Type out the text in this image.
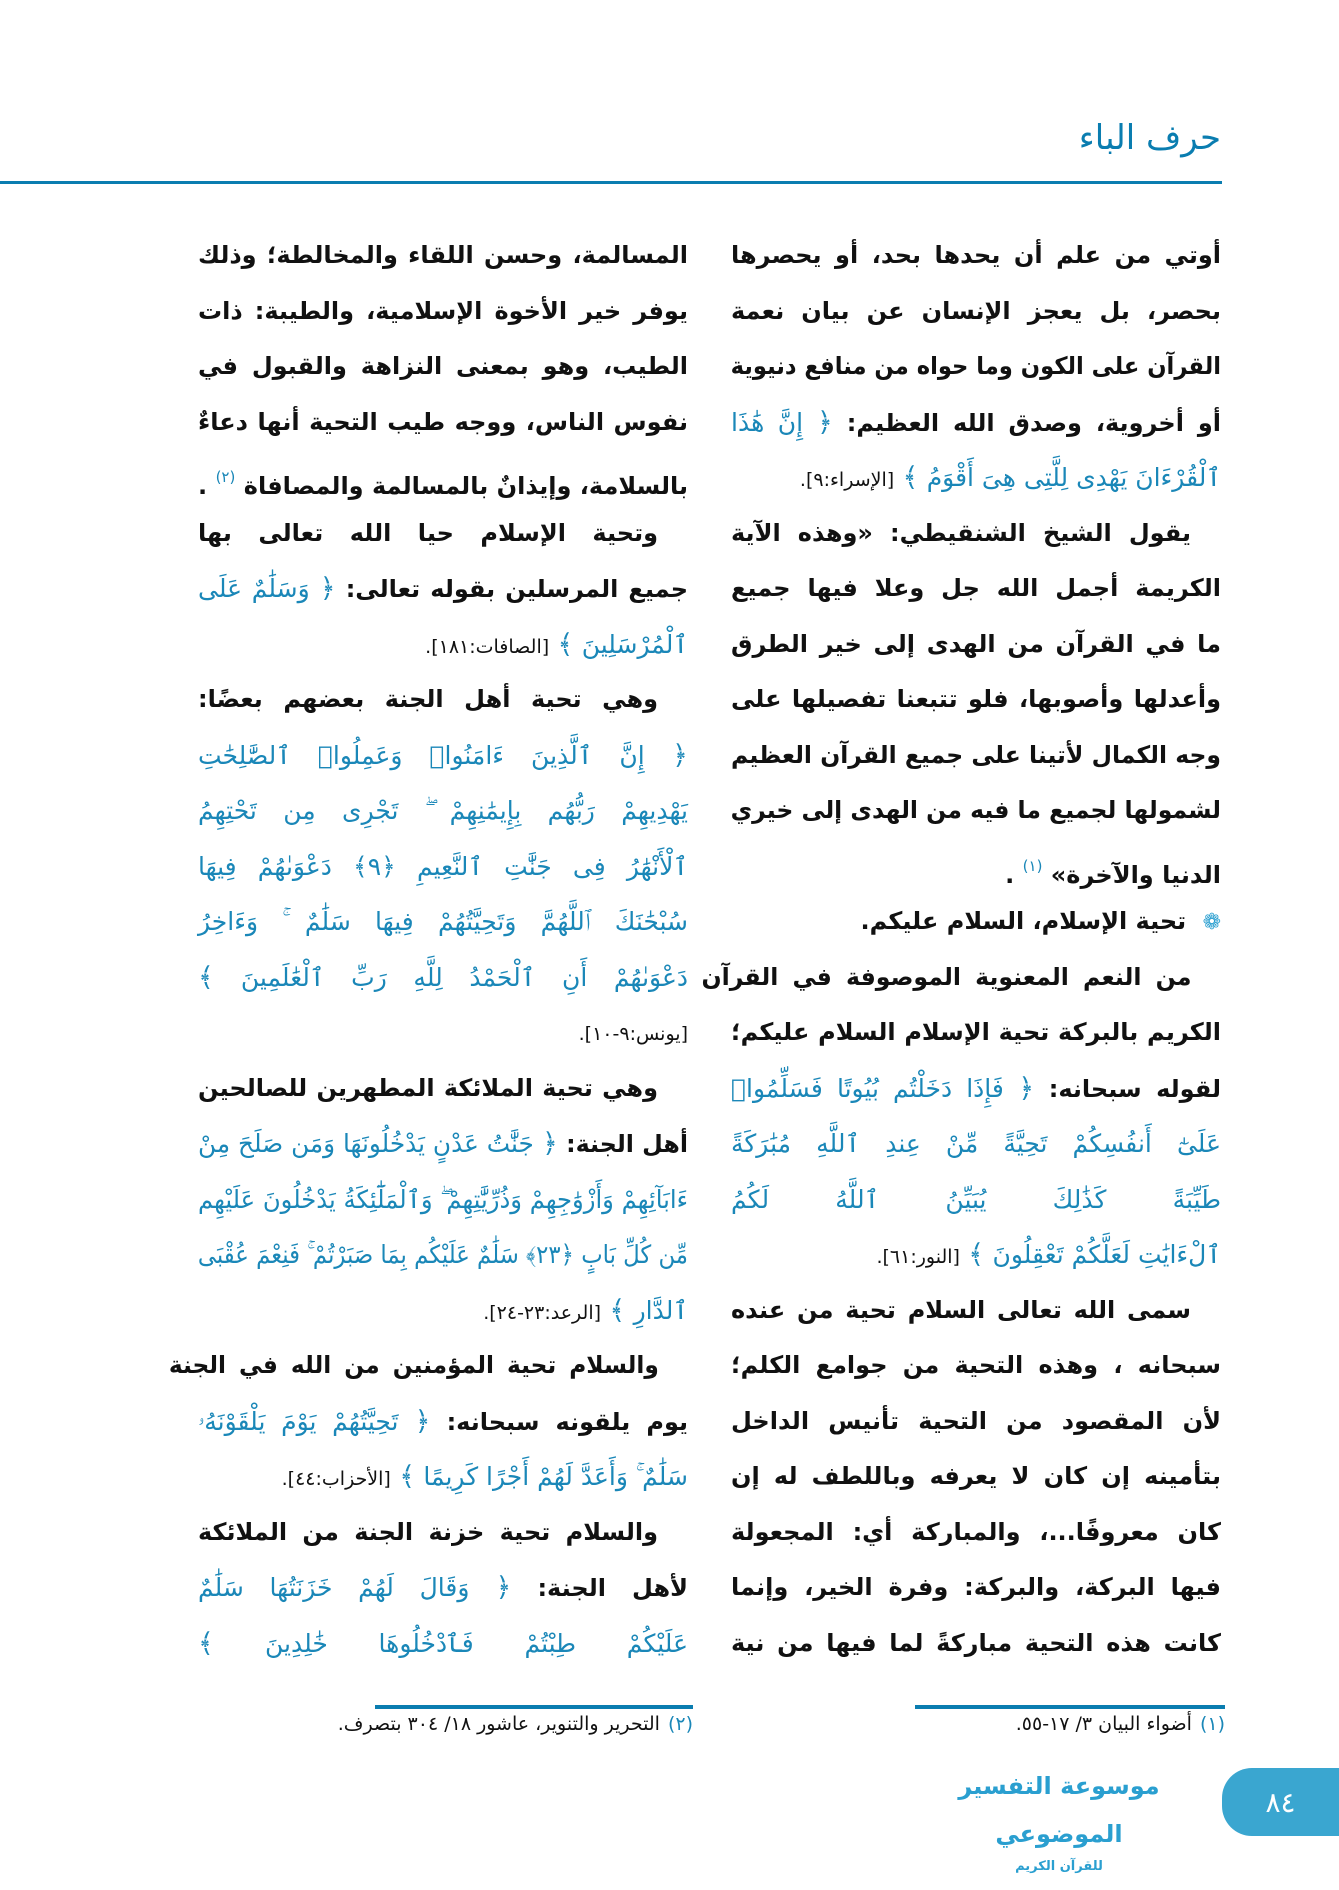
حرف الباء
أوتي من علم أن يحدها بحد، أو يحصرها
بحصر، بل يعجز الإنسان عن بيان نعمة
القرآن على الكون وما حواه من منافع دنيوية
أو أخروية، وصدق الله العظيم: ﴿ إِنَّ هَٰذَا
ٱلْقُرْءَانَ يَهْدِى لِلَّتِى هِىَ أَقْوَمُ ﴾ [الإسراء:٩].
يقول الشيخ الشنقيطي: «وهذه الآية
الكريمة أجمل الله جل وعلا فيها جميع
ما في القرآن من الهدى إلى خير الطرق
وأعدلها وأصوبها، فلو تتبعنا تفصيلها على
وجه الكمال لأتينا على جميع القرآن العظيم
لشمولها لجميع ما فيه من الهدى إلى خيري
الدنيا والآخرة» $^{(١)}$ .
❁ تحية الإسلام، السلام عليكم.
من النعم المعنوية الموصوفة في القرآن
الكريم بالبركة تحية الإسلام السلام عليكم؛
لقوله سبحانه: ﴿ فَإِذَا دَخَلْتُم بُيُوتًا فَسَلِّمُوا۟
عَلَىٰٓ أَنفُسِكُمْ تَحِيَّةً مِّنْ عِندِ ٱللَّهِ مُبَٰرَكَةً
طَيِّبَةً كَذَٰلِكَ يُبَيِّنُ ٱللَّهُ لَكُمُ
ٱلْءَايَٰتِ لَعَلَّكُمْ تَعْقِلُونَ ﴾ [النور:٦١].
سمى الله تعالى السلام تحية من عنده
سبحانه ، وهذه التحية من جوامع الكلم؛
لأن المقصود من التحية تأنيس الداخل
بتأمينه إن كان لا يعرفه وباللطف له إن
كان معروفًا...، والمباركة أي: المجعولة
فيها البركة، والبركة: وفرة الخير، وإنما
كانت هذه التحية مباركةً لما فيها من نية
المسالمة، وحسن اللقاء والمخالطة؛ وذلك
يوفر خير الأخوة الإسلامية، والطيبة: ذات
الطيب، وهو بمعنى النزاهة والقبول في
نفوس الناس، ووجه طيب التحية أنها دعاءٌ
بالسلامة، وإيذانٌ بالمسالمة والمصافاة $^{(٢)}$ .
وتحية الإسلام حيا الله تعالى بها
جميع المرسلين بقوله تعالى: ﴿ وَسَلَٰمٌ عَلَى
ٱلْمُرْسَلِينَ ﴾ [الصافات:١٨١].
وهي تحية أهل الجنة بعضهم بعضًا:
﴿ إِنَّ ٱلَّذِينَ ءَامَنُوا۟ وَعَمِلُوا۟ ٱلصَّٰلِحَٰتِ
يَهْدِيهِمْ رَبُّهُم بِإِيمَٰنِهِمْ ۖ تَجْرِى مِن تَحْتِهِمُ
ٱلْأَنْهَٰرُ فِى جَنَّٰتِ ٱلنَّعِيمِ ﴿٩﴾ دَعْوَىٰهُمْ فِيهَا
سُبْحَٰنَكَ ٱللَّهُمَّ وَتَحِيَّتُهُمْ فِيهَا سَلَٰمٌ ۚ وَءَاخِرُ
دَعْوَىٰهُمْ أَنِ ٱلْحَمْدُ لِلَّهِ رَبِّ ٱلْعَٰلَمِينَ ﴾
[يونس:٩-١٠].
وهي تحية الملائكة المطهرين للصالحين
أهل الجنة: ﴿ جَنَّٰتُ عَدْنٍ يَدْخُلُونَهَا وَمَن صَلَحَ مِنْ
ءَابَآئِهِمْ وَأَزْوَٰجِهِمْ وَذُرِّيَّٰتِهِمْ ۖ وَٱلْمَلَٰٓئِكَةُ يَدْخُلُونَ عَلَيْهِم
مِّن كُلِّ بَابٍ ﴿٢٣﴾ سَلَٰمٌ عَلَيْكُم بِمَا صَبَرْتُمْ ۚ فَنِعْمَ عُقْبَى
ٱلدَّارِ ﴾ [الرعد:٢٣-٢٤].
والسلام تحية المؤمنين من الله في الجنة
يوم يلقونه سبحانه: ﴿ تَحِيَّتُهُمْ يَوْمَ يَلْقَوْنَهُۥ
سَلَٰمٌ ۚ وَأَعَدَّ لَهُمْ أَجْرًا كَرِيمًا ﴾ [الأحزاب:٤٤].
والسلام تحية خزنة الجنة من الملائكة
لأهل الجنة: ﴿ وَقَالَ لَهُمْ خَزَنَتُهَا سَلَٰمٌ
عَلَيْكُمْ طِبْتُمْ فَٱدْخُلُوهَا خَٰلِدِينَ ﴾
(١)أضواء البيان ٣/ ١٧-٥٥.
(٢)التحرير والتنوير، عاشور ١٨/ ٣٠٤ بتصرف.
موسوعة التفسير الموضوعي
للقرآن الكريم
٨٤
